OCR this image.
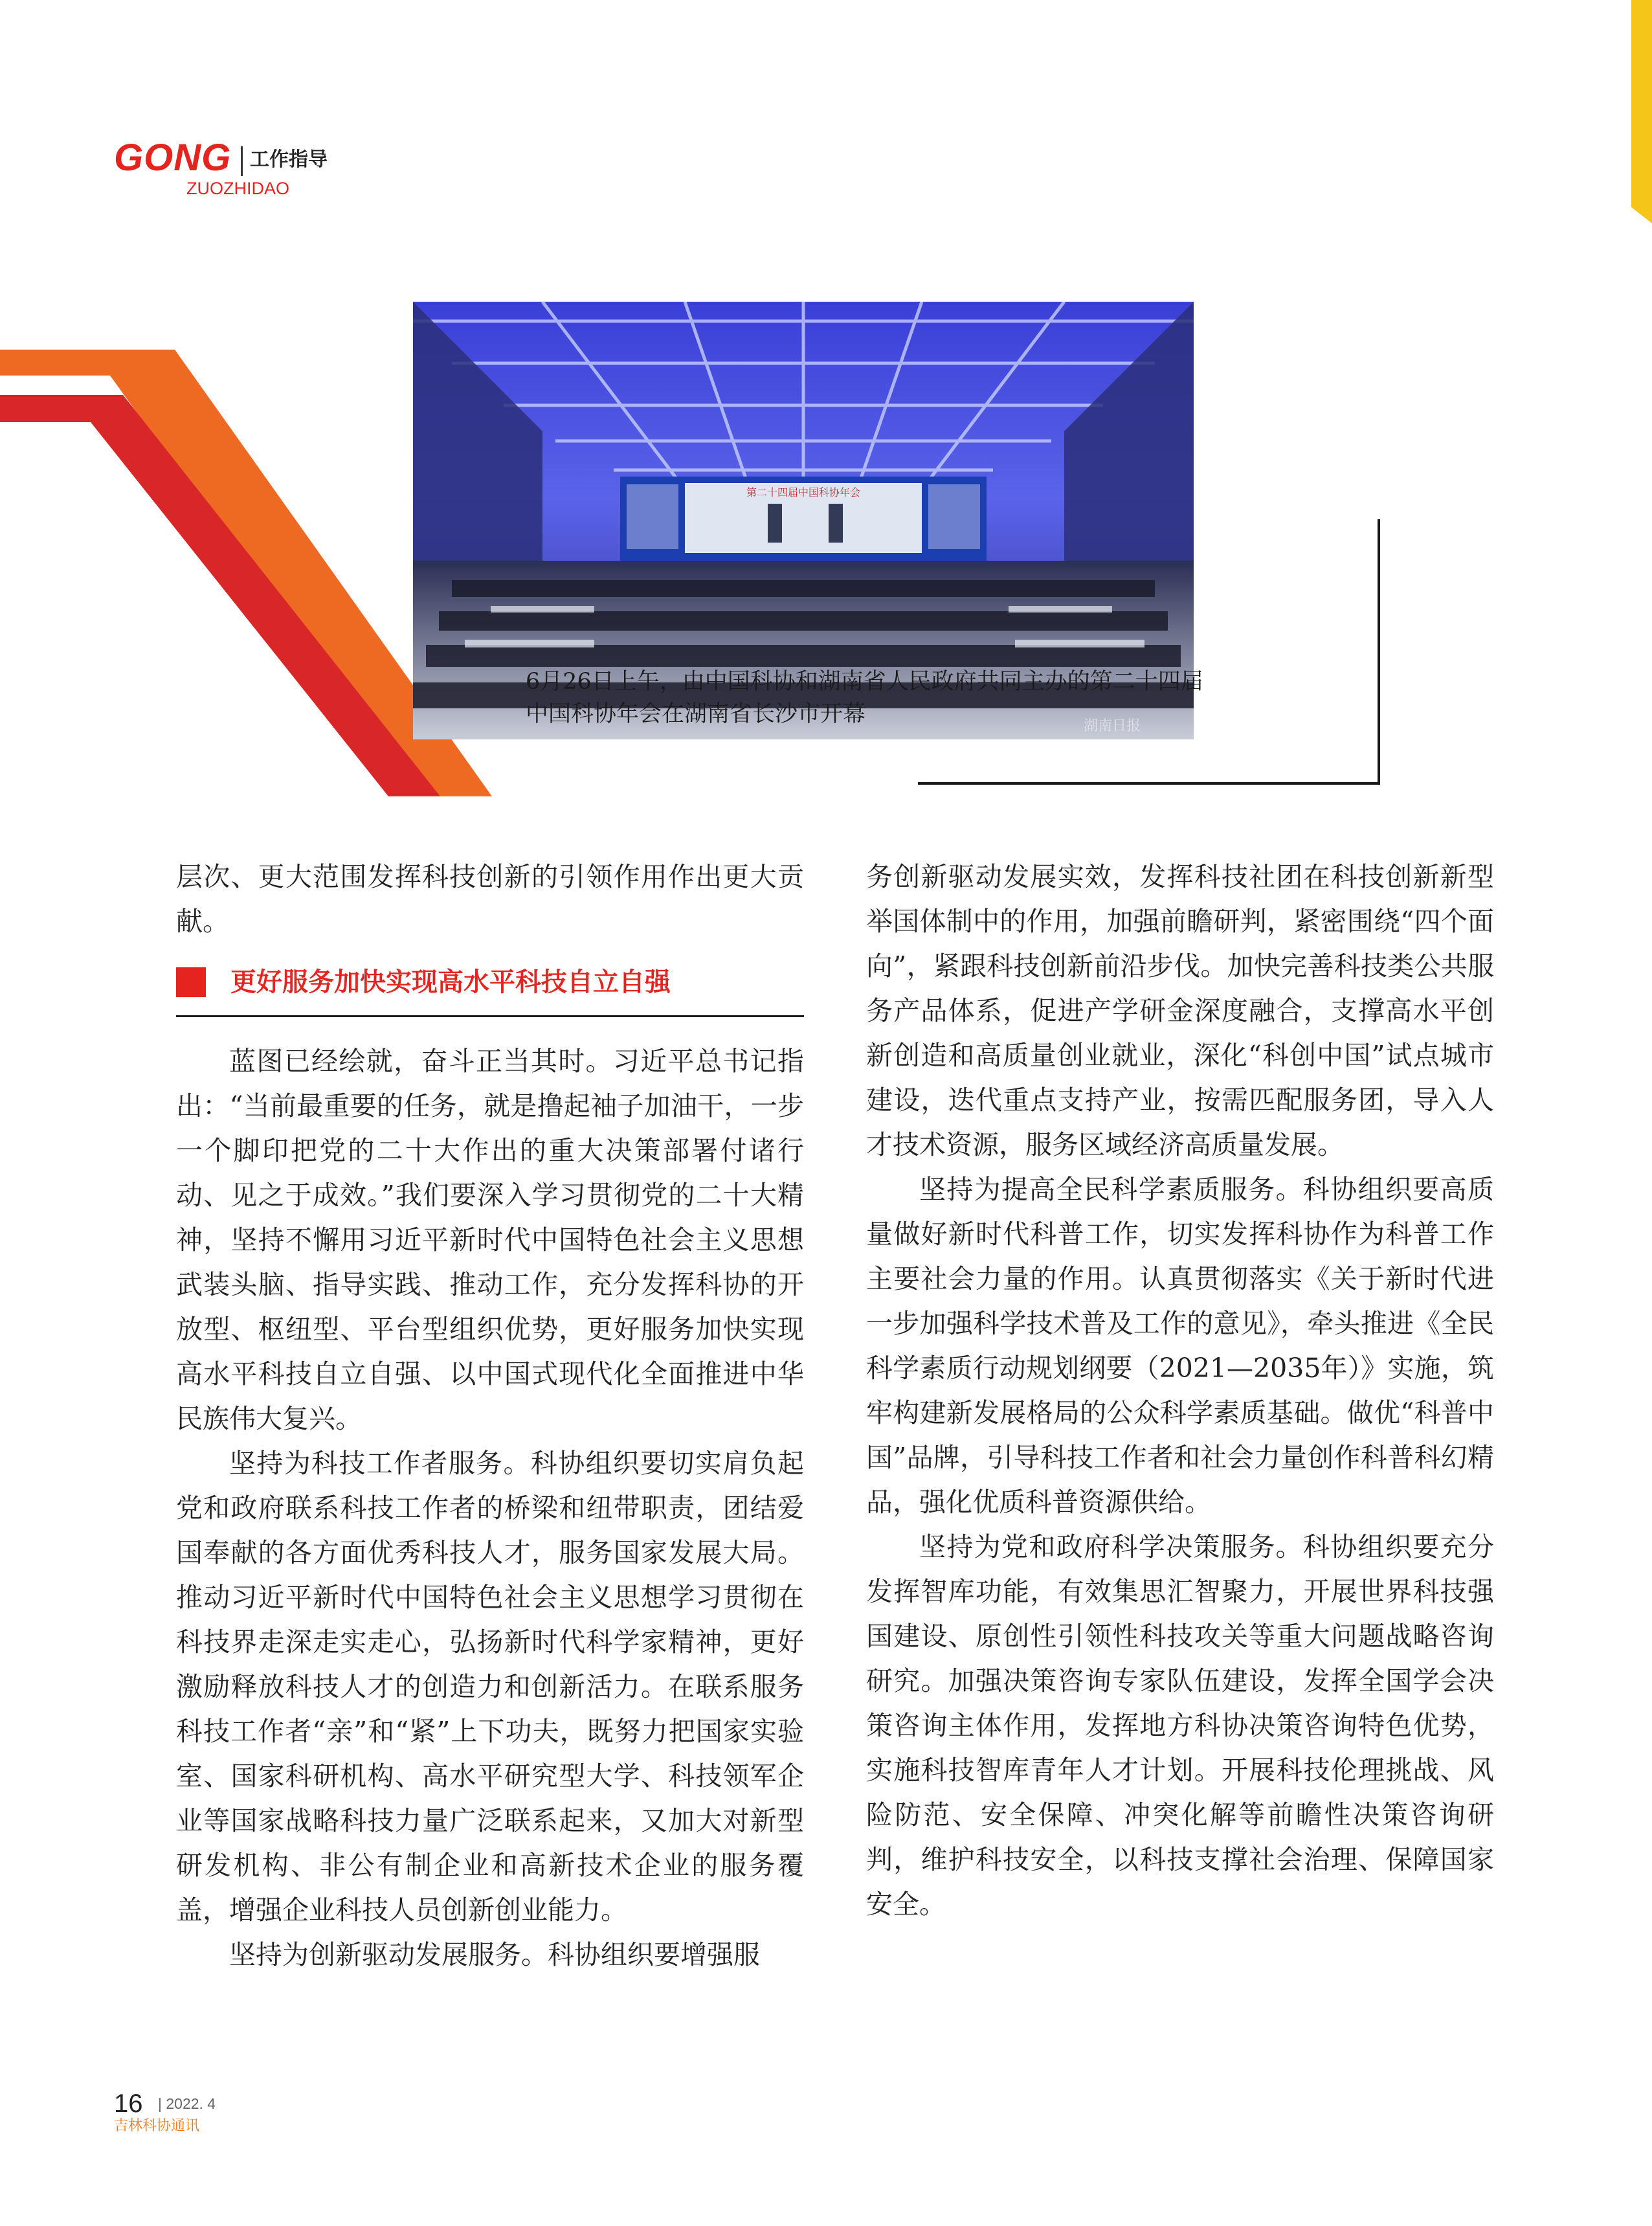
GONG 工作指导
ZUOZHIDAO
第二十四届中国科协年会
湖南日报
6月26日上午，由中国科协和湖南省人民政府共同主办的第二十四届
中国科协年会在湖南省长沙市开幕

层次、更大范围发挥科技创新的引领作用作出更大贡献。

更好服务加快实现高水平科技自立自强

蓝图已经绘就，奋斗正当其时。习近平总书记指出：“当前最重要的任务，就是撸起袖子加油干，一步一个脚印把党的二十大作出的重大决策部署付诸行动、见之于成效。”我们要深入学习贯彻党的二十大精神，坚持不懈用习近平新时代中国特色社会主义思想武装头脑、指导实践、推动工作，充分发挥科协的开放型、枢纽型、平台型组织优势，更好服务加快实现高水平科技自立自强、以中国式现代化全面推进中华民族伟大复兴。

坚持为科技工作者服务。科协组织要切实肩负起党和政府联系科技工作者的桥梁和纽带职责，团结爱国奉献的各方面优秀科技人才，服务国家发展大局。推动习近平新时代中国特色社会主义思想学习贯彻在科技界走深走实走心，弘扬新时代科学家精神，更好激励释放科技人才的创造力和创新活力。在联系服务科技工作者“亲”和“紧”上下功夫，既努力把国家实验室、国家科研机构、高水平研究型大学、科技领军企业等国家战略科技力量广泛联系起来，又加大对新型研发机构、非公有制企业和高新技术企业的服务覆盖，增强企业科技人员创新创业能力。

坚持为创新驱动发展服务。科协组织要增强服

务创新驱动发展实效，发挥科技社团在科技创新新型举国体制中的作用，加强前瞻研判，紧密围绕“四个面向”，紧跟科技创新前沿步伐。加快完善科技类公共服务产品体系，促进产学研金深度融合，支撑高水平创新创造和高质量创业就业，深化“科创中国”试点城市建设，迭代重点支持产业，按需匹配服务团，导入人才技术资源，服务区域经济高质量发展。

坚持为提高全民科学素质服务。科协组织要高质量做好新时代科普工作，切实发挥科协作为科普工作主要社会力量的作用。认真贯彻落实《关于新时代进一步加强科学技术普及工作的意见》，牵头推进《全民科学素质行动规划纲要（2021—2035年）》实施，筑牢构建新发展格局的公众科学素质基础。做优“科普中国”品牌，引导科技工作者和社会力量创作科普科幻精品，强化优质科普资源供给。

坚持为党和政府科学决策服务。科协组织要充分发挥智库功能，有效集思汇智聚力，开展世界科技强国建设、原创性引领性科技攻关等重大问题战略咨询研究。加强决策咨询专家队伍建设，发挥全国学会决策咨询主体作用，发挥地方科协决策咨询特色优势，实施科技智库青年人才计划。开展科技伦理挑战、风险防范、安全保障、冲突化解等前瞻性决策咨询研判，维护科技安全，以科技支撑社会治理、保障国家安全。

16 | 2022. 4
吉林科协通讯
